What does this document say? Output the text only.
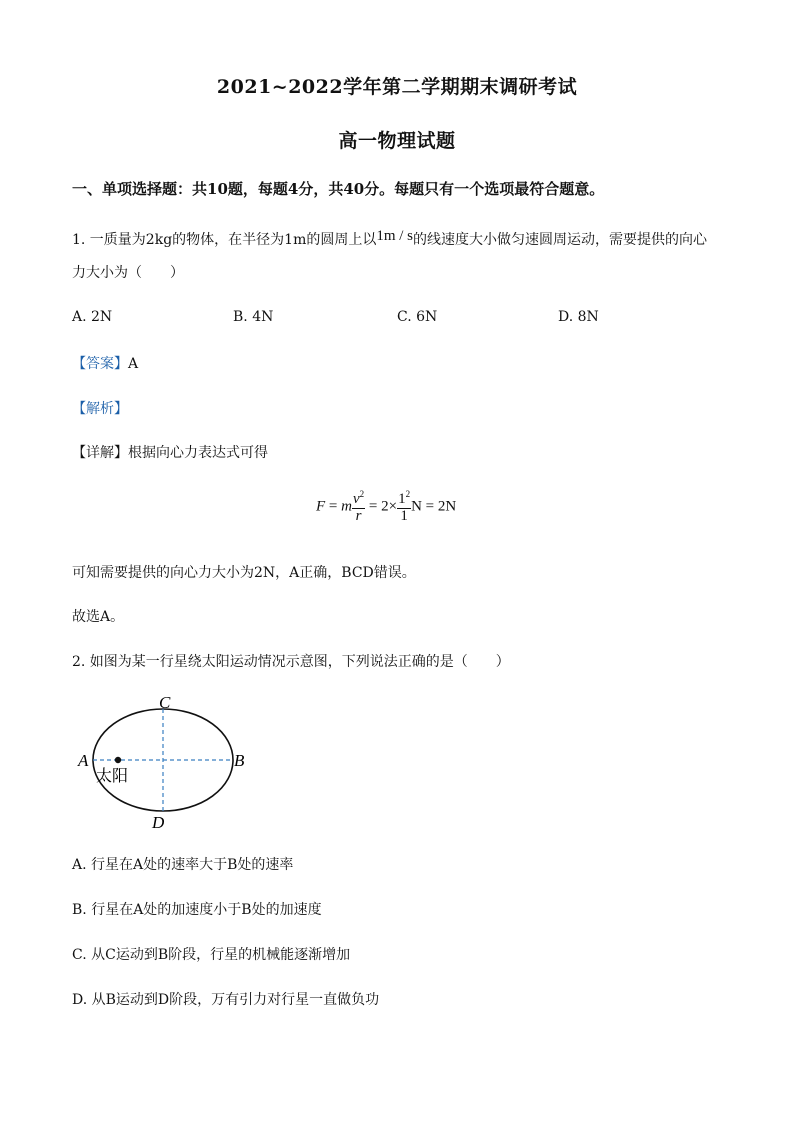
2021~2022学年第二学期期末调研考试
高一物理试题
一、单项选择题：共10题，每题4分，共40分。每题只有一个选项最符合题意。
1. 一质量为2kg的物体，在半径为1m的圆周上以1m / s的线速度大小做匀速圆周运动，需要提供的向心
力大小为（　　）
A. 2N	B. 4N	C. 6N	D. 8N
【答案】A
【解析】
【详解】根据向心力表达式可得
F = m $\frac{v^2}{r} = 2\times \frac{1^2}{1}$ N = 2N
可知需要提供的向心力大小为2N，A正确，BCD错误。
故选A。
2. 如图为某一行星绕太阳运动情况示意图，下列说法正确的是（　　）
A	B
C
D
太阳
A. 行星在A处的速率大于B处的速率
B. 行星在A处的加速度小于B处的加速度
C. 从C运动到B阶段，行星的机械能逐渐增加
D. 从B运动到D阶段，万有引力对行星一直做负功
